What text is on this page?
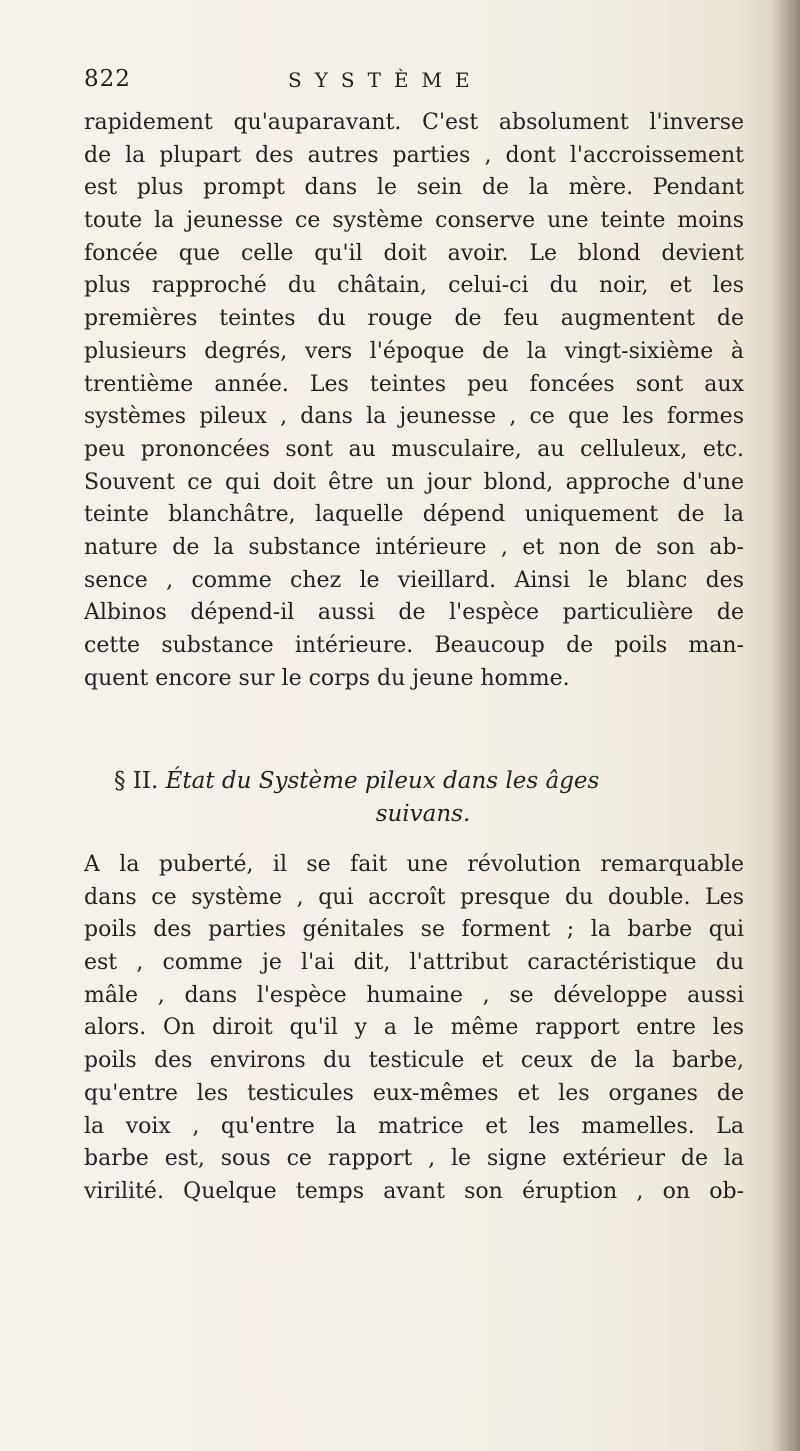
822	SYSTÈME
rapidement qu'auparavant. C'est absolument l'inverse
de la plupart des autres parties , dont l'accroissement
est plus prompt dans le sein de la mère. Pendant
toute la jeunesse ce système conserve une teinte moins
foncée que celle qu'il doit avoir. Le blond devient
plus rapproché du châtain, celui-ci du noir, et les
premières teintes du rouge de feu augmentent de
plusieurs degrés, vers l'époque de la vingt-sixième à
trentième année. Les teintes peu foncées sont aux
systèmes pileux , dans la jeunesse , ce que les formes
peu prononcées sont au musculaire, au celluleux, etc.
Souvent ce qui doit être un jour blond, approche d'une
teinte blanchâtre, laquelle dépend uniquement de la
nature de la substance intérieure , et non de son ab-
sence , comme chez le vieillard. Ainsi le blanc des
Albinos dépend-il aussi de l'espèce particulière de
cette substance intérieure. Beaucoup de poils man-
quent encore sur le corps du jeune homme.
§ II. État du Système pileux dans les âges
suivans.
A la puberté, il se fait une révolution remarquable
dans ce système , qui accroît presque du double. Les
poils des parties génitales se forment ; la barbe qui
est , comme je l'ai dit, l'attribut caractéristique du
mâle , dans l'espèce humaine , se développe aussi
alors. On diroit qu'il y a le même rapport entre les
poils des environs du testicule et ceux de la barbe,
qu'entre les testicules eux-mêmes et les organes de
la voix , qu'entre la matrice et les mamelles. La
barbe est, sous ce rapport , le signe extérieur de la
virilité. Quelque temps avant son éruption , on ob-
